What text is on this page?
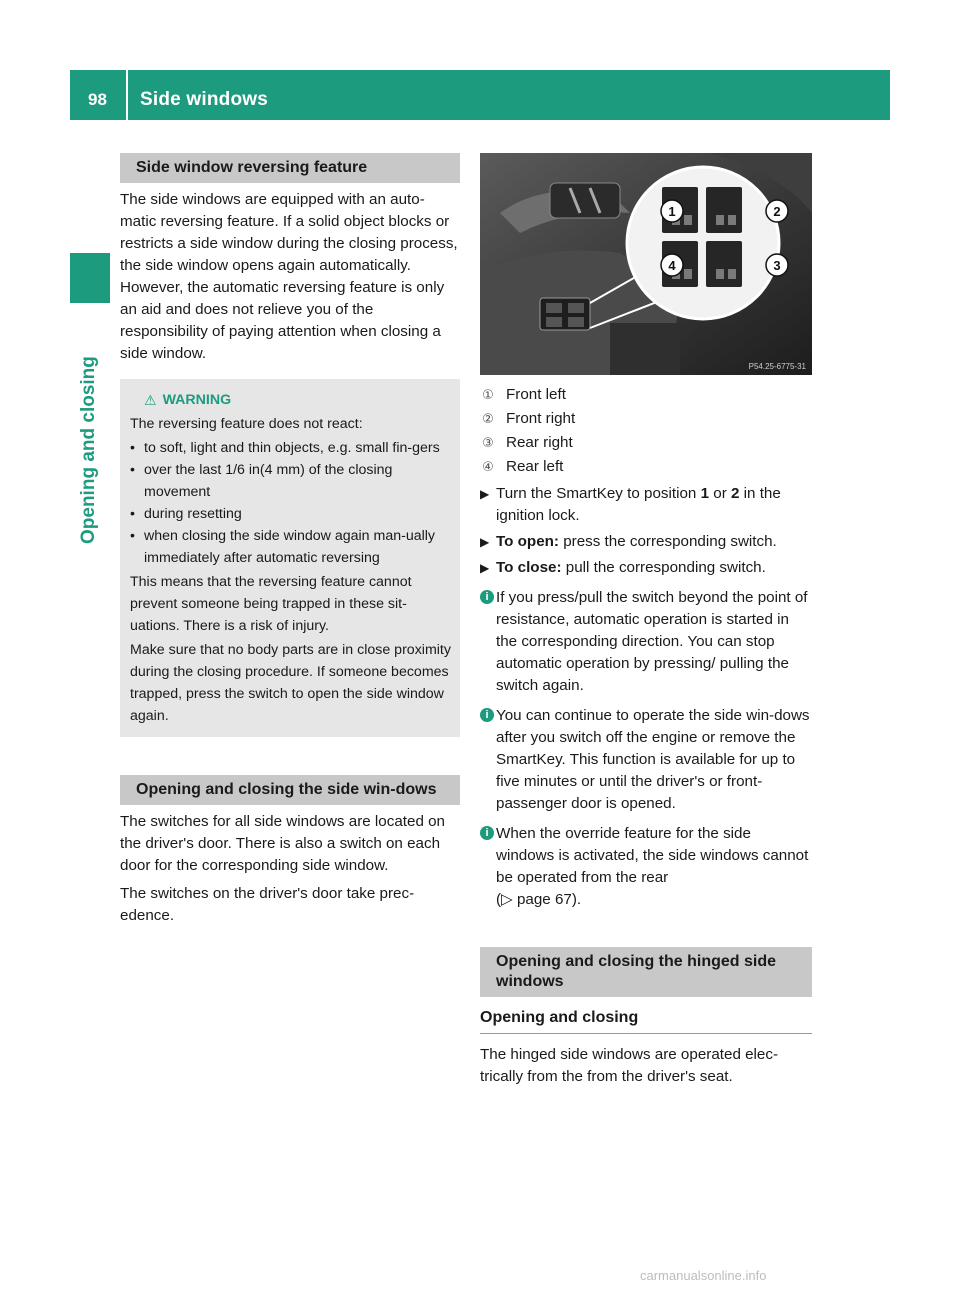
98 Side windows
Opening and closing
Side window reversing feature

The side windows are equipped with an auto-matic reversing feature. If a solid object blocks or restricts a side window during the closing process, the side window opens again automatically. However, the automatic reversing feature is only an aid and does not relieve you of the responsibility of paying attention when closing a side window.

⚠ WARNING

The reversing feature does not react:

• to soft, light and thin objects, e.g. small fin-gers
• over the last 1/6 in(4 mm) of the closing movement
• during resetting
• when closing the side window again man-ually immediately after automatic reversing

This means that the reversing feature cannot prevent someone being trapped in these sit-uations. There is a risk of injury.

Make sure that no body parts are in close proximity during the closing procedure. If someone becomes trapped, press the switch to open the side window again.

Opening and closing the side win-dows

The switches for all side windows are located on the driver's door. There is also a switch on each door for the corresponding side window.

The switches on the driver's door take prec-edence.

1	2
3
4
P54.25-6775-31
① Front left
② Front right
③ Rear right
④ Rear left
▶ Turn the SmartKey to position 1 or 2 in the ignition lock.
▶ To open: press the corresponding switch.
▶ To close: pull the corresponding switch.
i If you press/pull the switch beyond the point of resistance, automatic operation is started in the corresponding direction. You can stop automatic operation by pressing/ pulling the switch again.
i You can continue to operate the side win-dows after you switch off the engine or remove the SmartKey. This function is available for up to five minutes or until the driver's or front-passenger door is opened.
i When the override feature for the side windows is activated, the side windows cannot be operated from the rear
(▷ page 67).
Opening and closing the hinged side windows
Opening and closing

The hinged side windows are operated elec-trically from the from the driver's seat.

carmanualsonline.info
